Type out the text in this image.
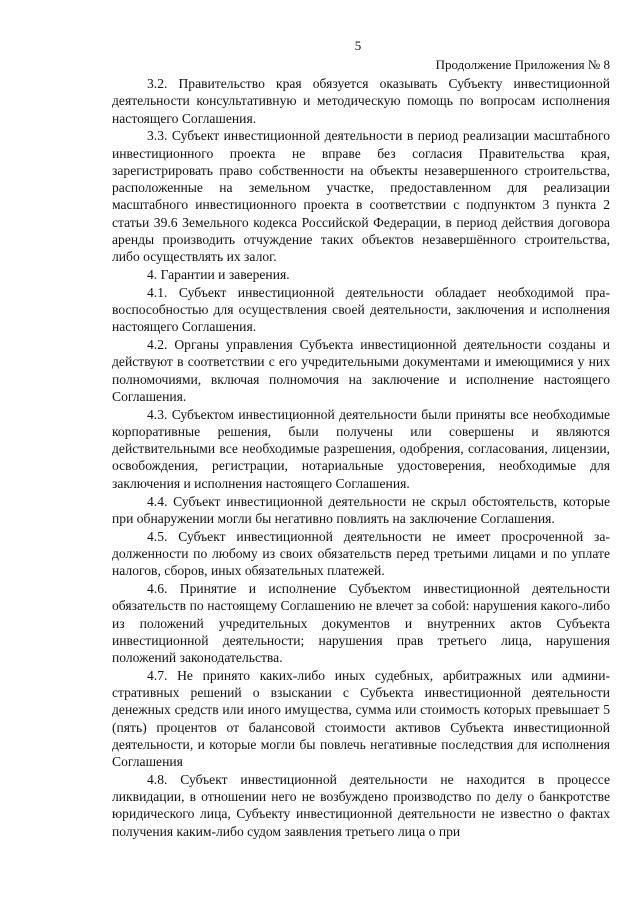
5
Продолжение Приложения № 8

3.2. Правительство края обязуется оказывать Субъекту инвестиционной деятельности консультативную и методическую помощь по вопросам исполнения настоящего Соглашения.

3.3. Субъект инвестиционной деятельности в период реализации масштабного инвестиционного проекта не вправе без согласия Правительства края, зарегистрировать право собственности на объекты незавершенного строительства, расположенные на земельном участке, предоставленном для реализации масштабного инвестиционного проекта в соответствии с подпунктом 3 пункта 2 статьи 39.6 Земельного кодекса Российской Федерации, в период действия договора аренды производить отчуждение таких объектов незавершённого строительства, либо осуществлять их залог.

4. Гарантии и заверения.

4.1. Субъект инвестиционной деятельности обладает необходимой правоспособностью для осуществления своей деятельности, заключения и исполнения настоящего Соглашения.

4.2. Органы управления Субъекта инвестиционной деятельности созданы и действуют в соответствии с его учредительными документами и имеющимися у них полномочиями, включая полномочия на заключение и исполнение настоящего Соглашения.

4.3. Субъектом инвестиционной деятельности были приняты все необходимые корпоративные решения, были получены или совершены и являются действительными все необходимые разрешения, одобрения, согласования, лицензии, освобождения, регистрации, нотариальные удостоверения, необходимые для заключения и исполнения настоящего Соглашения.

4.4. Субъект инвестиционной деятельности не скрыл обстоятельств, которые при обнаружении могли бы негативно повлиять на заключение Соглашения.

4.5. Субъект инвестиционной деятельности не имеет просроченной задолженности по любому из своих обязательств перед третьими лицами и по уплате налогов, сборов, иных обязательных платежей.

4.6. Принятие и исполнение Субъектом инвестиционной деятельности обязательств по настоящему Соглашению не влечет за собой: нарушения какого-либо из положений учредительных документов и внутренних актов Субъекта инвестиционной деятельности; нарушения прав третьего лица, нарушения положений законодательства.

4.7. Не принято каких-либо иных судебных, арбитражных или административных решений о взыскании с Субъекта инвестиционной деятельности денежных средств или иного имущества, сумма или стоимость которых превышает 5 (пять) процентов от балансовой стоимости активов Субъекта инвестиционной деятельности, и которые могли бы повлечь негативные последствия для исполнения Соглашения

4.8. Субъект инвестиционной деятельности не находится в процессе ликвидации, в отношении него не возбуждено производство по делу о банкротстве юридического лица, Субъекту инвестиционной деятельности не известно о фактах получения каким-либо судом заявления третьего лица о при
